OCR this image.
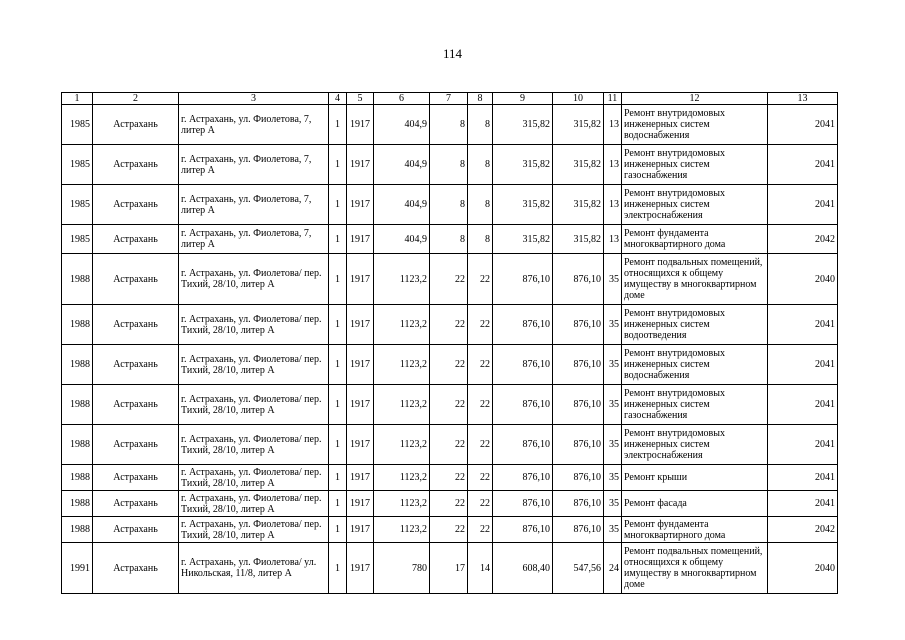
114
1	2	3	4	5	6	7	8	9	10	11	12	13
1985	Астрахань	г. Астрахань, ул. Фиолетова, 7, литер А	1	1917	404,9	8	8	315,82	315,82	13	Ремонт внутридомовых инженерных систем водоснабжения	2041
1985	Астрахань	г. Астрахань, ул. Фиолетова, 7, литер А	1	1917	404,9	8	8	315,82	315,82	13	Ремонт внутридомовых инженерных систем газоснабжения	2041
1985	Астрахань	г. Астрахань, ул. Фиолетова, 7, литер А	1	1917	404,9	8	8	315,82	315,82	13	Ремонт внутридомовых инженерных систем электроснабжения	2041
1985	Астрахань	г. Астрахань, ул. Фиолетова, 7, литер А	1	1917	404,9	8	8	315,82	315,82	13	Ремонт фундамента многоквартирного дома	2042
1988	Астрахань	г. Астрахань, ул. Фиолетова/ пер. Тихий, 28/10, литер А	1	1917	1123,2	22	22	876,10	876,10	35	Ремонт подвальных помещений, относящихся к общему имуществу в многоквартирном доме	2040
1988	Астрахань	г. Астрахань, ул. Фиолетова/ пер. Тихий, 28/10, литер А	1	1917	1123,2	22	22	876,10	876,10	35	Ремонт внутридомовых инженерных систем водоотведения	2041
1988	Астрахань	г. Астрахань, ул. Фиолетова/ пер. Тихий, 28/10, литер А	1	1917	1123,2	22	22	876,10	876,10	35	Ремонт внутридомовых инженерных систем водоснабжения	2041
1988	Астрахань	г. Астрахань, ул. Фиолетова/ пер. Тихий, 28/10, литер А	1	1917	1123,2	22	22	876,10	876,10	35	Ремонт внутридомовых инженерных систем газоснабжения	2041
1988	Астрахань	г. Астрахань, ул. Фиолетова/ пер. Тихий, 28/10, литер А	1	1917	1123,2	22	22	876,10	876,10	35	Ремонт внутридомовых инженерных систем электроснабжения	2041
1988	Астрахань	г. Астрахань, ул. Фиолетова/ пер. Тихий, 28/10, литер А	1	1917	1123,2	22	22	876,10	876,10	35	Ремонт крыши	2041
1988	Астрахань	г. Астрахань, ул. Фиолетова/ пер. Тихий, 28/10, литер А	1	1917	1123,2	22	22	876,10	876,10	35	Ремонт фасада	2041
1988	Астрахань	г. Астрахань, ул. Фиолетова/ пер. Тихий, 28/10, литер А	1	1917	1123,2	22	22	876,10	876,10	35	Ремонт фундамента многоквартирного дома	2042
1991	Астрахань	г. Астрахань, ул. Фиолетова/ ул. Никольская, 11/8, литер А	1	1917	780	17	14	608,40	547,56	24	Ремонт подвальных помещений, относящихся к общему имуществу в многоквартирном доме	2040
